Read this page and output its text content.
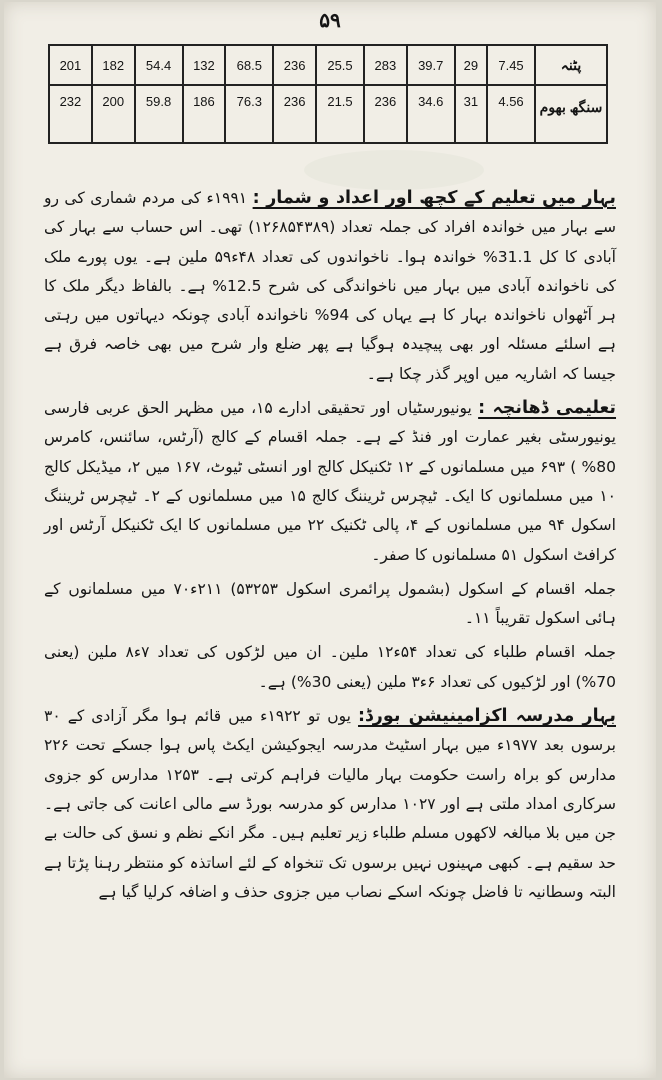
۵۹
پٹنہ	7.45	29	39.7	283	25.5	236	68.5	132	54.4	182	201
سنگھ بھوم	4.56	31	34.6	236	21.5	236	76.3	186	59.8	200	232

بہار میں تعلیم کے کچھ اور اعداد و شمار : ۱۹۹۱ء کی مردم شماری کی رو سے بہار میں خواندہ افراد کی جملہ تعداد (۱۲۶۸۵۴۳۸۹) تھی۔ اس حساب سے بہار کی آبادی کا کل 31.1% خواندہ ہوا۔ ناخواندوں کی تعداد ۴۸ء۵۹ ملین ہے۔ یوں پورے ملک کی ناخواندہ آبادی میں بہار میں ناخواندگی کی شرح 12.5% ہے۔ بالفاظ دیگر ملک کا ہر آٹھواں ناخواندہ بہار کا ہے یہاں کی 94% ناخواندہ آبادی چونکہ دیہاتوں میں رہتی ہے اسلئے مسئلہ اور بھی پیچیدہ ہوگیا ہے پھر ضلع وار شرح میں بھی خاصہ فرق ہے جیسا کہ اشاریہ میں اوپر گذر چکا ہے۔

تعلیمی ڈھانچہ : یونیورسٹیاں اور تحقیقی ادارے ۱۵، میں مظہر الحق عربی فارسی یونیورسٹی بغیر عمارت اور فنڈ کے ہے۔ جملہ اقسام کے کالج (آرٹس، سائنس، کامرس 80% ) ۶۹۳ میں مسلمانوں کے ۱۲ ٹکنیکل کالج اور انسٹی ٹیوٹ، ۱۶۷ میں ۲، میڈیکل کالج ۱۰ میں مسلمانوں کا ایک۔ ٹیچرس ٹریننگ کالج ۱۵ میں مسلمانوں کے ۲۔ ٹیچرس ٹریننگ اسکول ۹۴ میں مسلمانوں کے ۴، پالی ٹکنیک ۲۲ میں مسلمانوں کا ایک ٹکنیکل آرٹس اور کرافٹ اسکول ۵۱ مسلمانوں کا صفر۔

جملہ اقسام کے اسکول (بشمول پرائمری اسکول ۵۳۲۵۳) ۲۱۱ء۷۰ میں مسلمانوں کے ہائی اسکول تقریباً ۱۱۔

جملہ اقسام طلباء کی تعداد ۵۴ء۱۲ ملین۔ ان میں لڑکوں کی تعداد ۷ء۸ ملین (یعنی 70%) اور لڑکیوں کی تعداد ۶ء۳ ملین (یعنی 30%) ہے۔

بہار مدرسہ اکزامینیشن بورڈ: یوں تو ۱۹۲۲ء میں قائم ہوا مگر آزادی کے ۳۰ برسوں بعد ۱۹۷۷ء میں بہار اسٹیٹ مدرسہ ایجوکیشن ایکٹ پاس ہوا جسکے تحت ۲۲۶ مدارس کو براہ راست حکومت بہار مالیات فراہم کرتی ہے۔ ۱۲۵۳ مدارس کو جزوی سرکاری امداد ملتی ہے اور ۱۰۲۷ مدارس کو مدرسہ بورڈ سے مالی اعانت کی جاتی ہے۔ جن میں بلا مبالغہ لاکھوں مسلم طلباء زیر تعلیم ہیں۔ مگر انکے نظم و نسق کی حالت بے حد سقیم ہے۔ کبھی مہینوں نہیں برسوں تک تنخواہ کے لئے اساتذہ کو منتظر رہنا پڑتا ہے البتہ وسطانیہ تا فاضل چونکہ اسکے نصاب میں جزوی حذف و اضافہ کرلیا گیا ہے
